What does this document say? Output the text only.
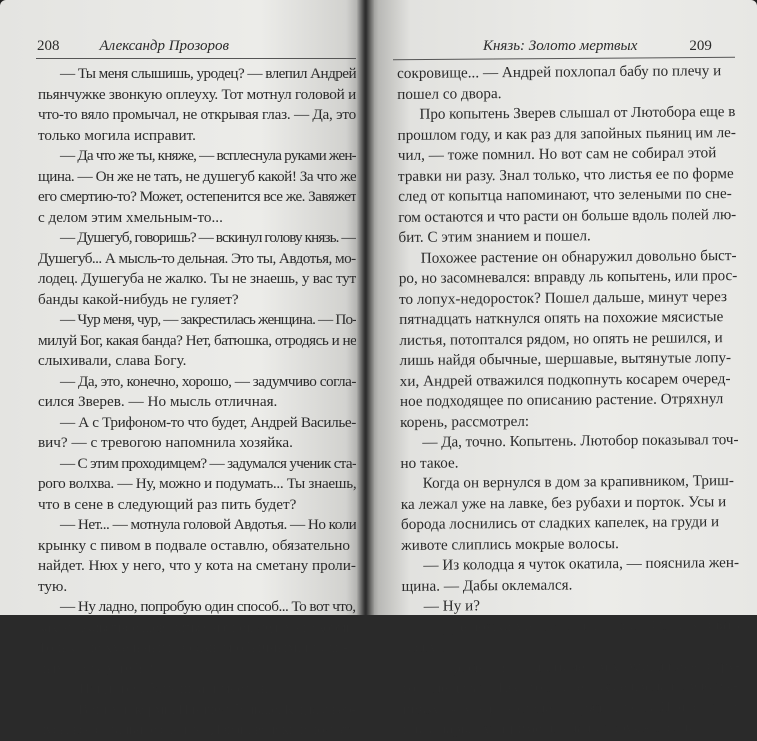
208	Александр Прозоров
— Ты меня слышишь, уродец? — влепил Андрей
пьянчужке звонкую оплеуху. Тот мотнул головой и
что-то вяло промычал, не открывая глаз. — Да, это
только могила исправит.
— Да что же ты, княже, — всплеснула руками жен-
щина. — Он же не тать, не душегуб какой! За что же
его смертию-то? Может, остепенится все же. Завяжет
с делом этим хмельным-то...
— Душегуб, говоришь? — вскинул голову князь. —
Душегуб... А мысль-то дельная. Это ты, Авдотья, мо-
лодец. Душегуба не жалко. Ты не знаешь, у вас тут
банды какой-нибудь не гуляет?
— Чур меня, чур, — закрестилась женщина. — По-
милуй Бог, какая банда? Нет, батюшка, отродясь и не
слыхивали, слава Богу.
— Да, это, конечно, хорошо, — задумчиво согла-
сился Зверев. — Но мысль отличная.
— А с Трифоном-то что будет, Андрей Василье-
вич? — с тревогою напомнила хозяйка.
— С этим проходимцем? — задумался ученик ста-
рого волхва. — Ну, можно и подумать... Ты знаешь,
что в сене в следующий раз пить будет?
— Нет... — мотнула головой Авдотья. — Но коли
крынку с пивом в подвале оставлю, обязательно
найдет. Нюх у него, что у кота на сметану проли-
тую.
— Ну ладно, попробую один способ... То вот что,
как это животное шевелиться начнет, медом его корми.
Только не хмельным, а самым обычным, пчели-
ным. Есть у тебя?
— Найдется, батюшка, имеется.
— Вот им и корми. И ничем больше. Когда я вер-
нусь, все остальное сделаю. Давай, волоки в дом это
Князь: Золото мертвых	209
сокровище... — Андрей похлопал бабу по плечу и
пошел со двора.
Про копытень Зверев слышал от Лютобора еще в
прошлом году, и как раз для запойных пьяниц им ле-
чил, — тоже помнил. Но вот сам не собирал этой
травки ни разу. Знал только, что листья ее по форме
след от копытца напоминают, что зелеными по сне-
гом остаются и что расти он больше вдоль полей лю-
бит. С этим знанием и пошел.
Похожее растение он обнаружил довольно быст-
ро, но засомневался: вправду ль копытень, или прос-
то лопух-недоросток? Пошел дальше, минут через
пятнадцать наткнулся опять на похожие мясистые
листья, потоптался рядом, но опять не решился, и
лишь найдя обычные, шершавые, вытянутые лопу-
хи, Андрей отважился подкопнуть косарем очеред-
ное подходящее по описанию растение. Отряхнул
корень, рассмотрел:
— Да, точно. Копытень. Лютобор показывал точ-
но такое.
Когда он вернулся в дом за крапивником, Триш-
ка лежал уже на лавке, без рубахи и порток. Усы и
борода лоснились от сладких капелек, на груди и
животе слиплись мокрые волосы.
— Из колодца я чуток окатила, — пояснила жен-
щина. — Дабы оклемался.
— Ну и?
— Две ложки меда слопал, оглоед. Опосля опять
заснул.
— Проснется — опять медом корми, и ничего дру-
гого не давай. Так его после похмелья на новую вы-
пивку тянуть перестанет. Держи корень. Почисти его,
и в запарь. Тут примерно на полкружки воды. По
